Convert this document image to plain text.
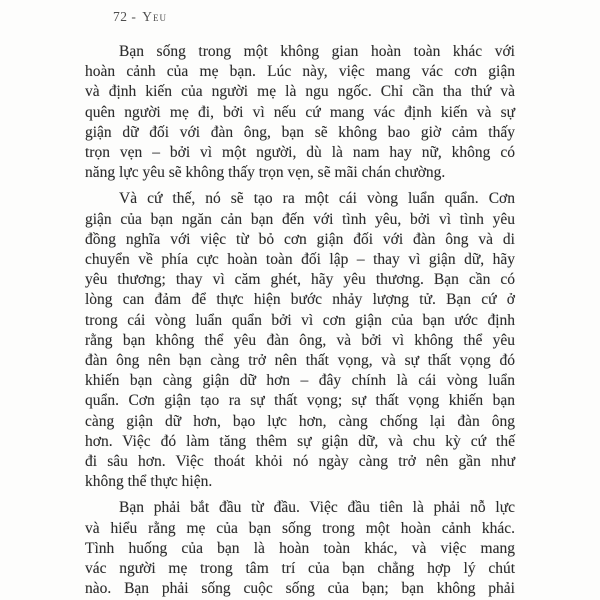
72 - Yeu
Bạn sống trong một không gian hoàn toàn khác với
hoàn cảnh của mẹ bạn. Lúc này, việc mang vác cơn giận
và định kiến của người mẹ là ngu ngốc. Chỉ cần tha thứ và
quên người mẹ đi, bởi vì nếu cứ mang vác định kiến và sự
giận dữ đối với đàn ông, bạn sẽ không bao giờ cảm thấy
trọn vẹn – bởi vì một người, dù là nam hay nữ, không có
năng lực yêu sẽ không thấy trọn vẹn, sẽ mãi chán chường.
Và cứ thế, nó sẽ tạo ra một cái vòng luẩn quẩn. Cơn
giận của bạn ngăn cản bạn đến với tình yêu, bởi vì tình yêu
đồng nghĩa với việc từ bỏ cơn giận đối với đàn ông và di
chuyển về phía cực hoàn toàn đối lập – thay vì giận dữ, hãy
yêu thương; thay vì căm ghét, hãy yêu thương. Bạn cần có
lòng can đảm để thực hiện bước nhảy lượng tử. Bạn cứ ở
trong cái vòng luẩn quẩn bởi vì cơn giận của bạn ước định
rằng bạn không thể yêu đàn ông, và bởi vì không thể yêu
đàn ông nên bạn càng trở nên thất vọng, và sự thất vọng đó
khiến bạn càng giận dữ hơn – đây chính là cái vòng luẩn
quẩn. Cơn giận tạo ra sự thất vọng; sự thất vọng khiến bạn
càng giận dữ hơn, bạo lực hơn, càng chống lại đàn ông
hơn. Việc đó làm tăng thêm sự giận dữ, và chu kỳ cứ thế
đi sâu hơn. Việc thoát khỏi nó ngày càng trở nên gần như
không thể thực hiện.
Bạn phải bắt đầu từ đầu. Việc đầu tiên là phải nỗ lực
và hiểu rằng mẹ của bạn sống trong một hoàn cảnh khác.
Tình huống của bạn là hoàn toàn khác, và việc mang
vác người mẹ trong tâm trí của bạn chẳng hợp lý chút
nào. Bạn phải sống cuộc sống của bạn; bạn không phải
